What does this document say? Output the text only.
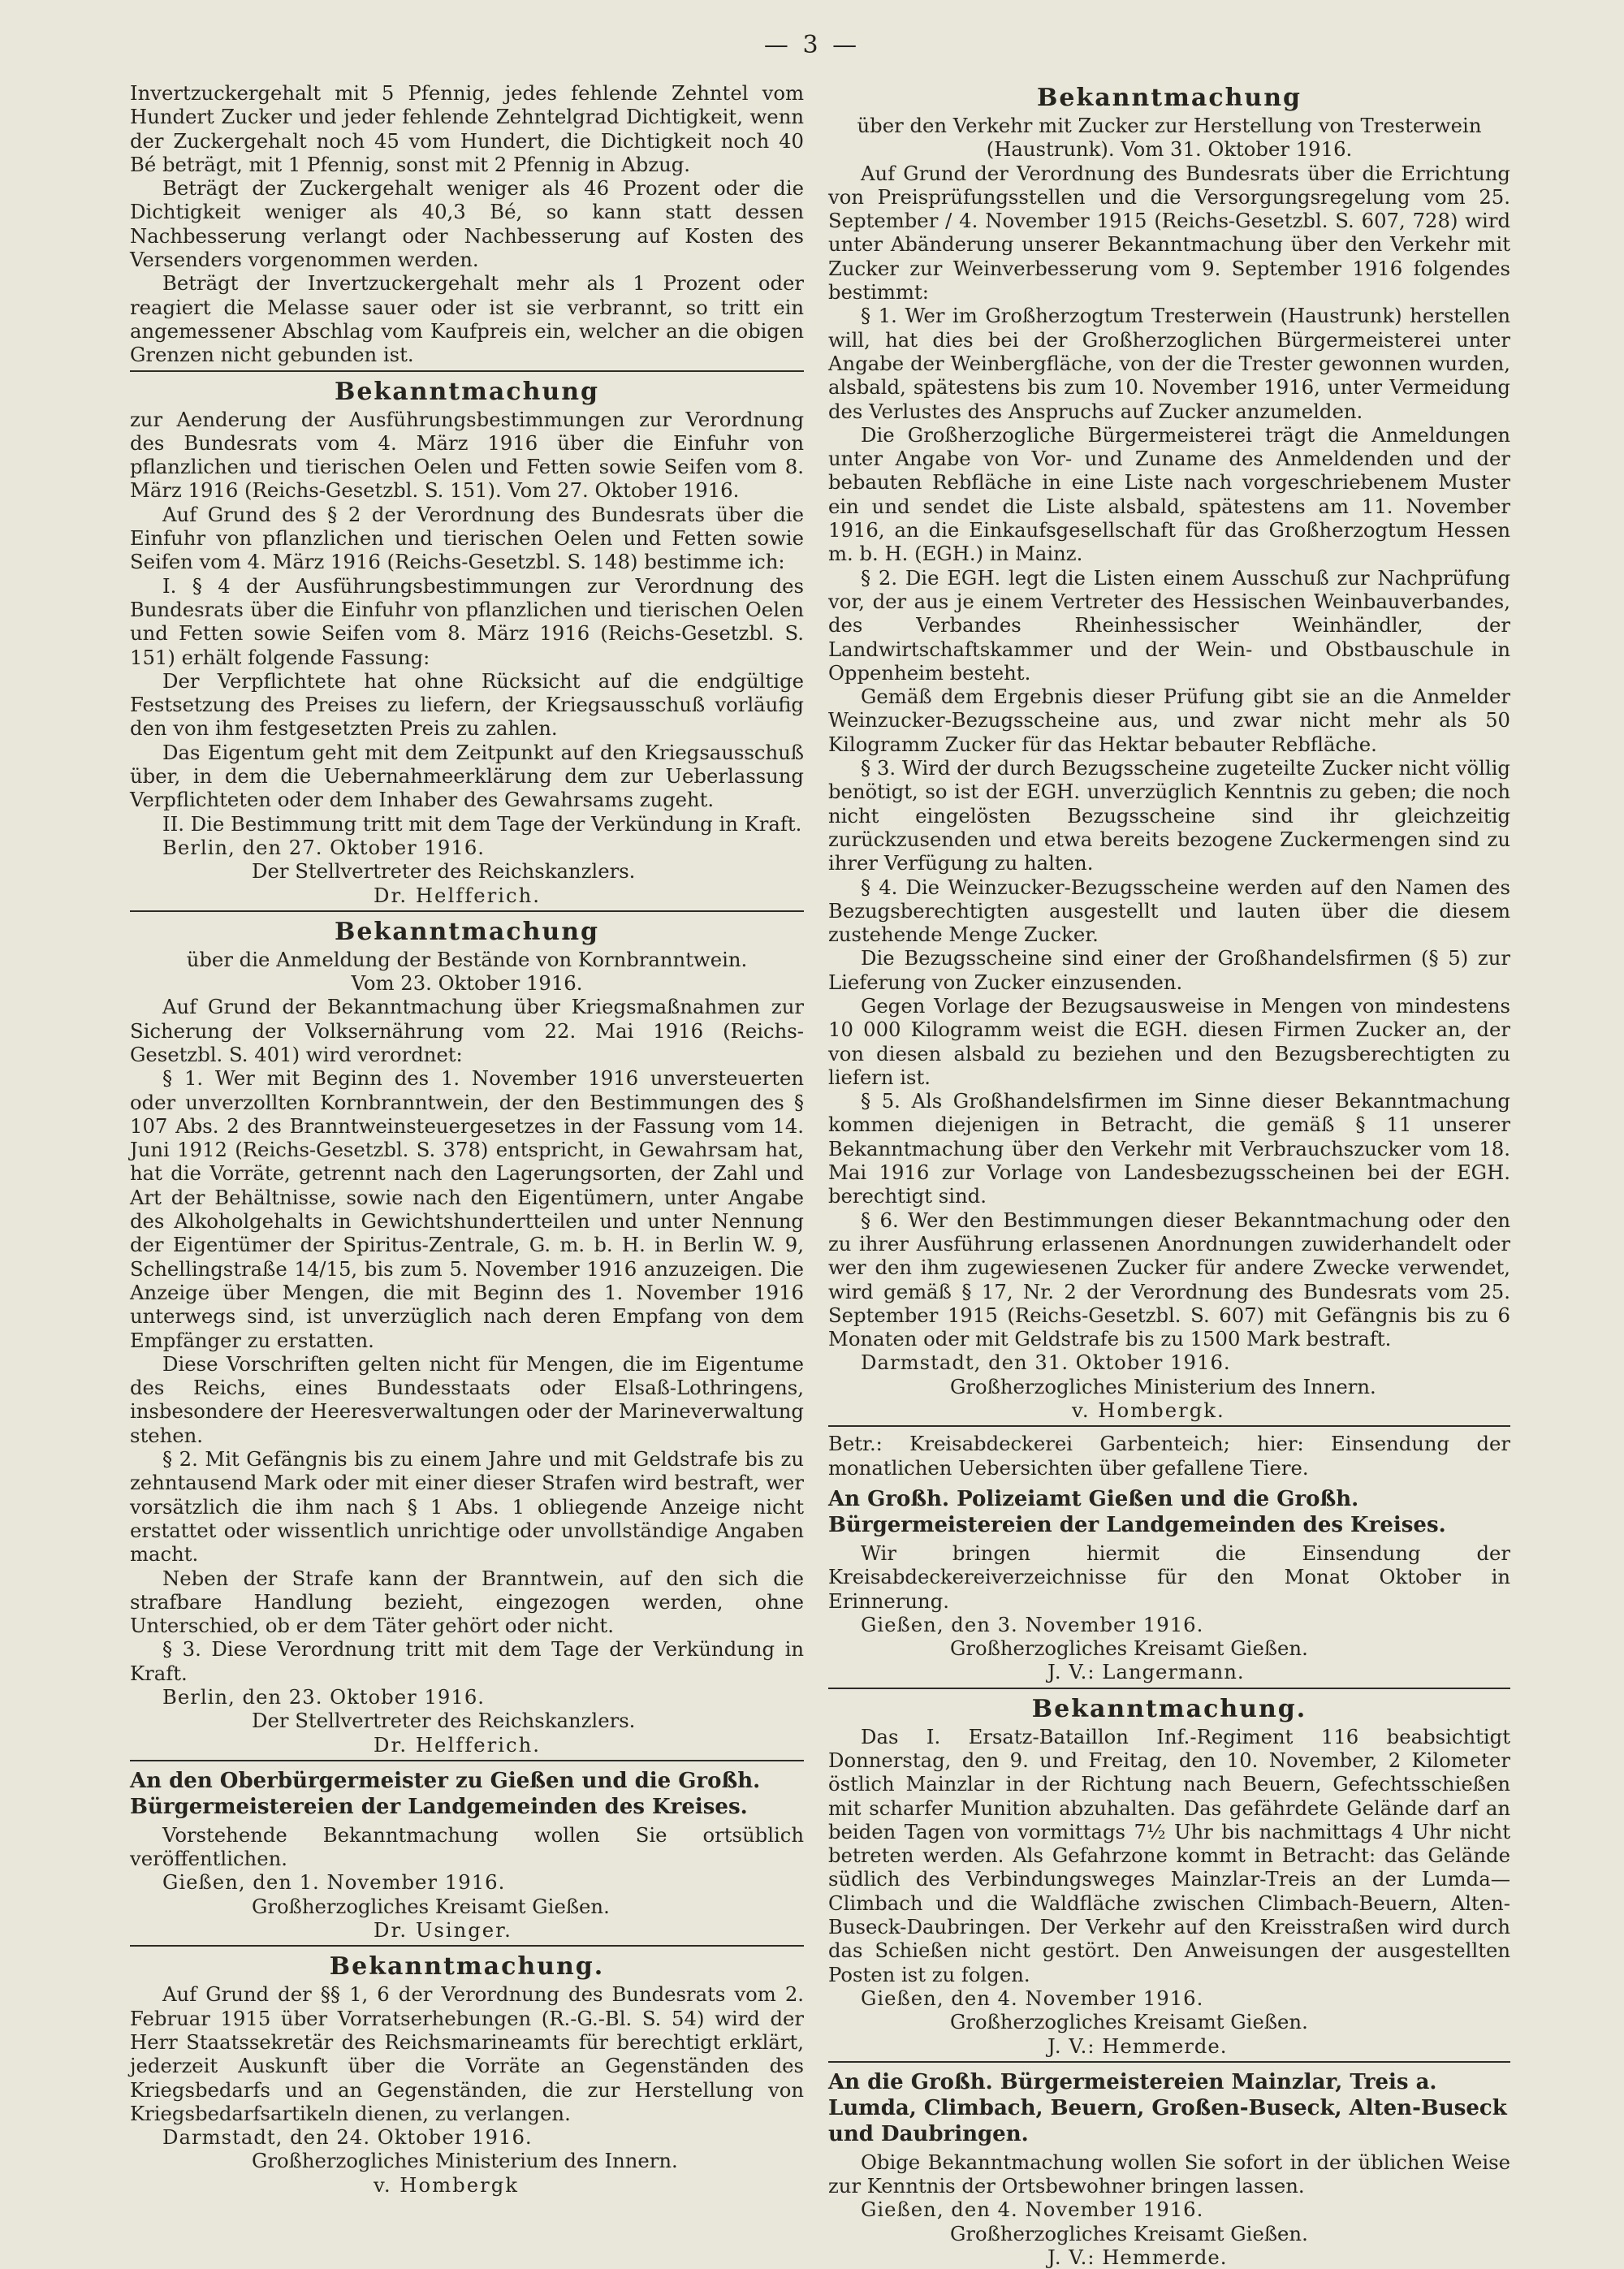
— 3 —

Invertzuckergehalt mit 5 Pfennig, jedes fehlende Zehntel vom Hundert Zucker und jeder fehlende Zehntelgrad Dichtigkeit, wenn der Zuckergehalt noch 45 vom Hundert, die Dichtigkeit noch 40 Bé beträgt, mit 1 Pfennig, sonst mit 2 Pfennig in Abzug.

Beträgt der Zuckergehalt weniger als 46 Prozent oder die Dichtigkeit weniger als 40,3 Bé, so kann statt dessen Nachbesserung verlangt oder Nachbesserung auf Kosten des Versenders vorgenommen werden.

Beträgt der Invertzuckergehalt mehr als 1 Prozent oder reagiert die Melasse sauer oder ist sie verbrannt, so tritt ein angemessener Abschlag vom Kaufpreis ein, welcher an die obigen Grenzen nicht gebunden ist.

Bekanntmachung

zur Aenderung der Ausführungsbestimmungen zur Verordnung des Bundesrats vom 4. März 1916 über die Einfuhr von pflanzlichen und tierischen Oelen und Fetten sowie Seifen vom 8. März 1916 (Reichs-Gesetzbl. S. 151). Vom 27. Oktober 1916.

Auf Grund des § 2 der Verordnung des Bundesrats über die Einfuhr von pflanzlichen und tierischen Oelen und Fetten sowie Seifen vom 4. März 1916 (Reichs-Gesetzbl. S. 148) bestimme ich:

I. § 4 der Ausführungsbestimmungen zur Verordnung des Bundesrats über die Einfuhr von pflanzlichen und tierischen Oelen und Fetten sowie Seifen vom 8. März 1916 (Reichs-Gesetzbl. S. 151) erhält folgende Fassung:

Der Verpflichtete hat ohne Rücksicht auf die endgültige Festsetzung des Preises zu liefern, der Kriegsausschuß vorläufig den von ihm festgesetzten Preis zu zahlen.

Das Eigentum geht mit dem Zeitpunkt auf den Kriegsausschuß über, in dem die Uebernahmeerklärung dem zur Ueberlassung Verpflichteten oder dem Inhaber des Gewahrsams zugeht.

II. Die Bestimmung tritt mit dem Tage der Verkündung in Kraft.

Berlin, den 27. Oktober 1916.

Der Stellvertreter des Reichskanzlers.

Dr. Helfferich.

Bekanntmachung

über die Anmeldung der Bestände von Kornbranntwein.

Vom 23. Oktober 1916.

Auf Grund der Bekanntmachung über Kriegsmaßnahmen zur Sicherung der Volksernährung vom 22. Mai 1916 (Reichs-Gesetzbl. S. 401) wird verordnet:

§ 1. Wer mit Beginn des 1. November 1916 unversteuerten oder unverzollten Kornbranntwein, der den Bestimmungen des § 107 Abs. 2 des Branntweinsteuergesetzes in der Fassung vom 14. Juni 1912 (Reichs-Gesetzbl. S. 378) entspricht, in Gewahrsam hat, hat die Vorräte, getrennt nach den Lagerungsorten, der Zahl und Art der Behältnisse, sowie nach den Eigentümern, unter Angabe des Alkoholgehalts in Gewichtshundertteilen und unter Nennung der Eigentümer der Spiritus-Zentrale, G. m. b. H. in Berlin W. 9, Schellingstraße 14/15, bis zum 5. November 1916 anzuzeigen. Die Anzeige über Mengen, die mit Beginn des 1. November 1916 unterwegs sind, ist unverzüglich nach deren Empfang von dem Empfänger zu erstatten.

Diese Vorschriften gelten nicht für Mengen, die im Eigentume des Reichs, eines Bundesstaats oder Elsaß-Lothringens, insbesondere der Heeresverwaltungen oder der Marineverwaltung stehen.

§ 2. Mit Gefängnis bis zu einem Jahre und mit Geldstrafe bis zu zehntausend Mark oder mit einer dieser Strafen wird bestraft, wer vorsätzlich die ihm nach § 1 Abs. 1 obliegende Anzeige nicht erstattet oder wissentlich unrichtige oder unvollständige Angaben macht.

Neben der Strafe kann der Branntwein, auf den sich die strafbare Handlung bezieht, eingezogen werden, ohne Unterschied, ob er dem Täter gehört oder nicht.

§ 3. Diese Verordnung tritt mit dem Tage der Verkündung in Kraft.

Berlin, den 23. Oktober 1916.

Der Stellvertreter des Reichskanzlers.

Dr. Helfferich.

An den Oberbürgermeister zu Gießen und die Großh. Bürgermeistereien der Landgemeinden des Kreises.

Vorstehende Bekanntmachung wollen Sie ortsüblich veröffentlichen.

Gießen, den 1. November 1916.

Großherzogliches Kreisamt Gießen.

Dr. Usinger.

Bekanntmachung.

Auf Grund der §§ 1, 6 der Verordnung des Bundesrats vom 2. Februar 1915 über Vorratserhebungen (R.-G.-Bl. S. 54) wird der Herr Staatssekretär des Reichsmarineamts für berechtigt erklärt, jederzeit Auskunft über die Vorräte an Gegenständen des Kriegsbedarfs und an Gegenständen, die zur Herstellung von Kriegsbedarfsartikeln dienen, zu verlangen.

Darmstadt, den 24. Oktober 1916.

Großherzogliches Ministerium des Innern.

v. Hombergk

Bekanntmachung

über den Verkehr mit Zucker zur Herstellung von Tresterwein (Haustrunk). Vom 31. Oktober 1916.

Auf Grund der Verordnung des Bundesrats über die Errichtung von Preisprüfungsstellen und die Versorgungsregelung vom 25. September / 4. November 1915 (Reichs-Gesetzbl. S. 607, 728) wird unter Abänderung unserer Bekanntmachung über den Verkehr mit Zucker zur Weinverbesserung vom 9. September 1916 folgendes bestimmt:

§ 1. Wer im Großherzogtum Tresterwein (Haustrunk) herstellen will, hat dies bei der Großherzoglichen Bürgermeisterei unter Angabe der Weinbergfläche, von der die Trester gewonnen wurden, alsbald, spätestens bis zum 10. November 1916, unter Vermeidung des Verlustes des Anspruchs auf Zucker anzumelden.

Die Großherzogliche Bürgermeisterei trägt die Anmeldungen unter Angabe von Vor- und Zuname des Anmeldenden und der bebauten Rebfläche in eine Liste nach vorgeschriebenem Muster ein und sendet die Liste alsbald, spätestens am 11. November 1916, an die Einkaufsgesellschaft für das Großherzogtum Hessen m. b. H. (EGH.) in Mainz.

§ 2. Die EGH. legt die Listen einem Ausschuß zur Nachprüfung vor, der aus je einem Vertreter des Hessischen Weinbauverbandes, des Verbandes Rheinhessischer Weinhändler, der Landwirtschaftskammer und der Wein- und Obstbauschule in Oppenheim besteht.

Gemäß dem Ergebnis dieser Prüfung gibt sie an die Anmelder Weinzucker-Bezugsscheine aus, und zwar nicht mehr als 50 Kilogramm Zucker für das Hektar bebauter Rebfläche.

§ 3. Wird der durch Bezugsscheine zugeteilte Zucker nicht völlig benötigt, so ist der EGH. unverzüglich Kenntnis zu geben; die noch nicht eingelösten Bezugsscheine sind ihr gleichzeitig zurückzusenden und etwa bereits bezogene Zuckermengen sind zu ihrer Verfügung zu halten.

§ 4. Die Weinzucker-Bezugsscheine werden auf den Namen des Bezugsberechtigten ausgestellt und lauten über die diesem zustehende Menge Zucker.

Die Bezugsscheine sind einer der Großhandelsfirmen (§ 5) zur Lieferung von Zucker einzusenden.

Gegen Vorlage der Bezugsausweise in Mengen von mindestens 10 000 Kilogramm weist die EGH. diesen Firmen Zucker an, der von diesen alsbald zu beziehen und den Bezugsberechtigten zu liefern ist.

§ 5. Als Großhandelsfirmen im Sinne dieser Bekanntmachung kommen diejenigen in Betracht, die gemäß § 11 unserer Bekanntmachung über den Verkehr mit Verbrauchszucker vom 18. Mai 1916 zur Vorlage von Landesbezugsscheinen bei der EGH. berechtigt sind.

§ 6. Wer den Bestimmungen dieser Bekanntmachung oder den zu ihrer Ausführung erlassenen Anordnungen zuwiderhandelt oder wer den ihm zugewiesenen Zucker für andere Zwecke verwendet, wird gemäß § 17, Nr. 2 der Verordnung des Bundesrats vom 25. September 1915 (Reichs-Gesetzbl. S. 607) mit Gefängnis bis zu 6 Monaten oder mit Geldstrafe bis zu 1500 Mark bestraft.

Darmstadt, den 31. Oktober 1916.

Großherzogliches Ministerium des Innern.

v. Hombergk.

Betr.: Kreisabdeckerei Garbenteich; hier: Einsendung der monatlichen Uebersichten über gefallene Tiere.

An Großh. Polizeiamt Gießen und die Großh. Bürgermeistereien der Landgemeinden des Kreises.

Wir bringen hiermit die Einsendung der Kreisabdeckereiverzeichnisse für den Monat Oktober in Erinnerung.

Gießen, den 3. November 1916.

Großherzogliches Kreisamt Gießen.

J. V.: Langermann.

Bekanntmachung.

Das I. Ersatz-Bataillon Inf.-Regiment 116 beabsichtigt Donnerstag, den 9. und Freitag, den 10. November, 2 Kilometer östlich Mainzlar in der Richtung nach Beuern, Gefechtsschießen mit scharfer Munition abzuhalten. Das gefährdete Gelände darf an beiden Tagen von vormittags 7½ Uhr bis nachmittags 4 Uhr nicht betreten werden. Als Gefahrzone kommt in Betracht: das Gelände südlich des Verbindungsweges Mainzlar-Treis an der Lumda—Climbach und die Waldfläche zwischen Climbach-Beuern, Alten-Buseck-Daubringen. Der Verkehr auf den Kreisstraßen wird durch das Schießen nicht gestört. Den Anweisungen der ausgestellten Posten ist zu folgen.

Gießen, den 4. November 1916.

Großherzogliches Kreisamt Gießen.

J. V.: Hemmerde.

An die Großh. Bürgermeistereien Mainzlar, Treis a. Lumda, Climbach, Beuern, Großen-Buseck, Alten-Buseck und Daubringen.

Obige Bekanntmachung wollen Sie sofort in der üblichen Weise zur Kenntnis der Ortsbewohner bringen lassen.

Gießen, den 4. November 1916.

Großherzogliches Kreisamt Gießen.

J. V.: Hemmerde.
